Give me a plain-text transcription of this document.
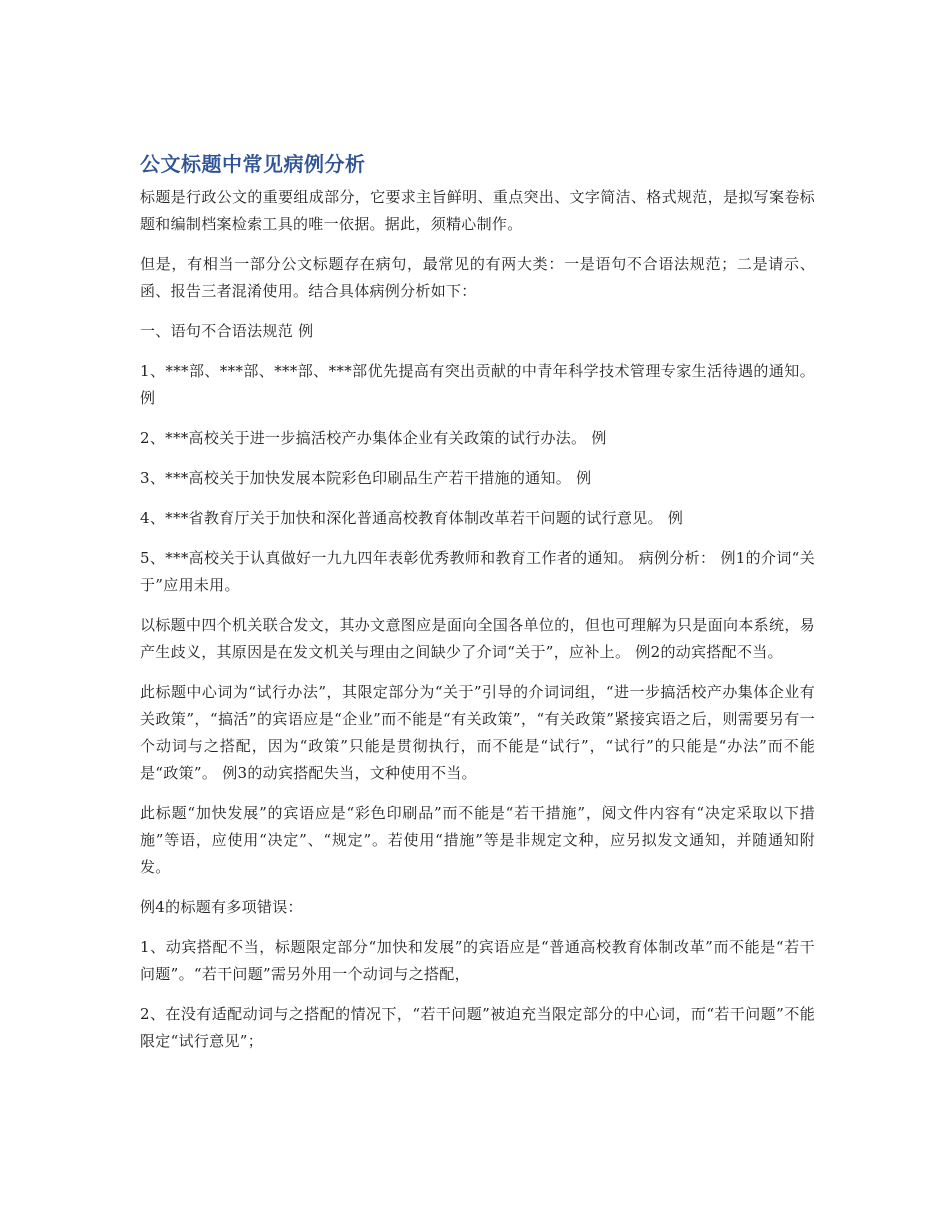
公文标题中常见病例分析

标题是行政公文的重要组成部分，它要求主旨鲜明、重点突出、文字简洁、格式规范，是拟写案卷标题和编制档案检索工具的唯一依据。据此，须精心制作。

但是，有相当一部分公文标题存在病句，最常见的有两大类：一是语句不合语法规范；二是请示、函、报告三者混淆使用。结合具体病例分析如下：

一、语句不合语法规范 例

1、***部、***部、***部、***部优先提高有突出贡献的中青年科学技术管理专家生活待遇的通知。 例

2、***高校关于进一步搞活校产办集体企业有关政策的试行办法。 例

3、***高校关于加快发展本院彩色印刷品生产若干措施的通知。 例

4、***省教育厅关于加快和深化普通高校教育体制改革若干问题的试行意见。 例

5、***高校关于认真做好一九九四年表彰优秀教师和教育工作者的通知。 病例分析： 例1的介词“关于”应用未用。

以标题中四个机关联合发文，其办文意图应是面向全国各单位的，但也可理解为只是面向本系统，易产生歧义，其原因是在发文机关与理由之间缺少了介词“关于”，应补上。 例2的动宾搭配不当。

此标题中心词为“试行办法”，其限定部分为“关于”引导的介词词组，“进一步搞活校产办集体企业有关政策”，“搞活”的宾语应是“企业”而不能是“有关政策”，“有关政策”紧接宾语之后，则需要另有一个动词与之搭配，因为“政策”只能是贯彻执行，而不能是“试行”，“试行”的只能是“办法”而不能是“政策”。 例3的动宾搭配失当，文种使用不当。

此标题“加快发展”的宾语应是“彩色印刷品”而不能是“若干措施”，阅文件内容有“决定采取以下措施”等语，应使用“决定”、“规定”。若使用“措施”等是非规定文种，应另拟发文通知，并随通知附发。

例4的标题有多项错误：

1、动宾搭配不当，标题限定部分“加快和发展”的宾语应是“普通高校教育体制改革”而不能是“若干问题”。“若干问题”需另外用一个动词与之搭配，

2、在没有适配动词与之搭配的情况下，“若干问题”被迫充当限定部分的中心词，而“若干问题”不能限定“试行意见”；
